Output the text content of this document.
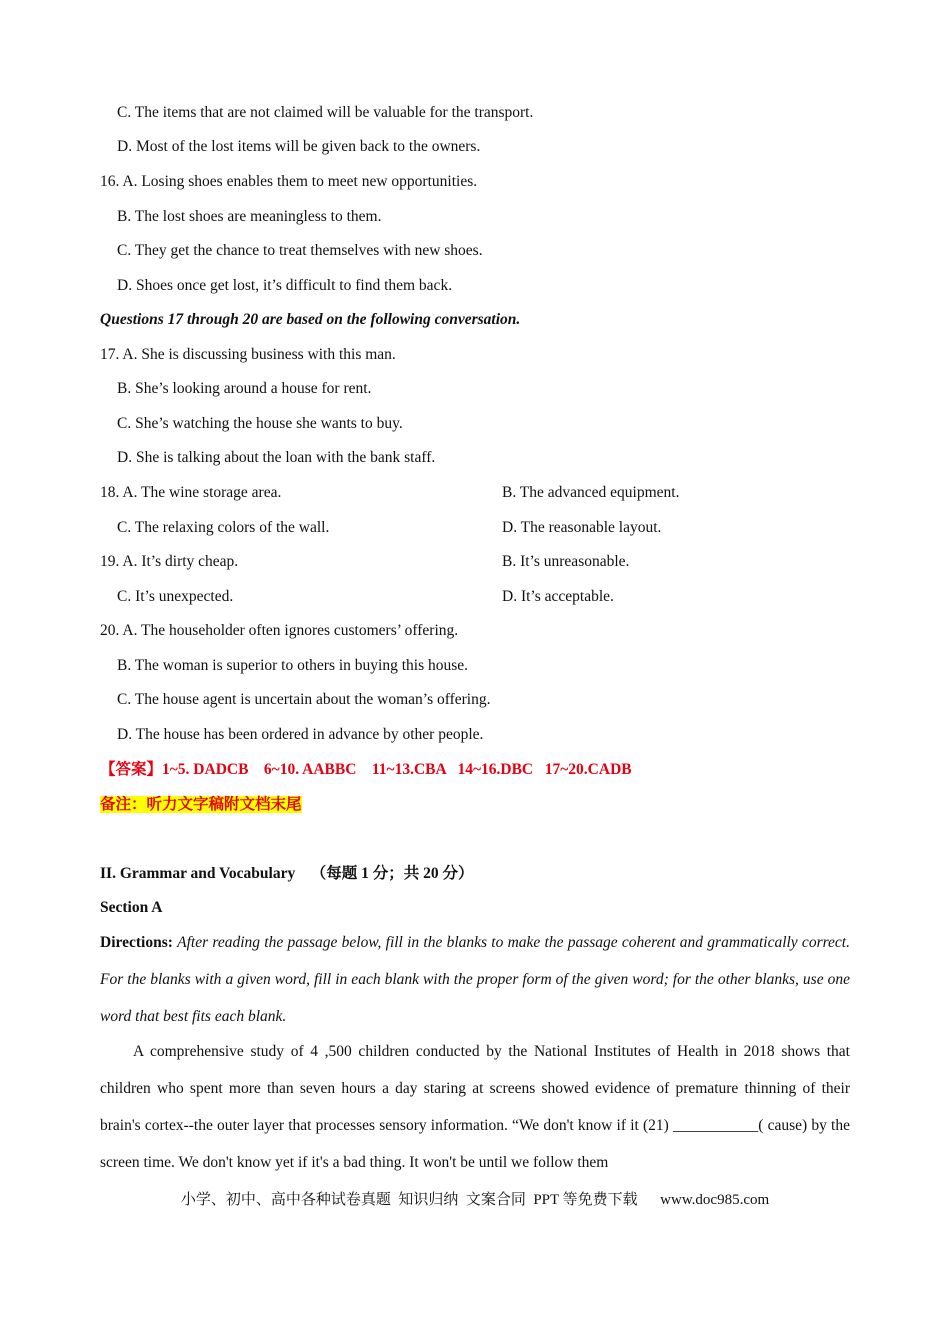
C. The items that are not claimed will be valuable for the transport.
D. Most of the lost items will be given back to the owners.
16. A. Losing shoes enables them to meet new opportunities.
B. The lost shoes are meaningless to them.
C. They get the chance to treat themselves with new shoes.
D. Shoes once get lost, it’s difficult to find them back.
Questions 17 through 20 are based on the following conversation.
17. A. She is discussing business with this man.
B. She’s looking around a house for rent.
C. She’s watching the house she wants to buy.
D. She is talking about the loan with the bank staff.
18. A. The wine storage area.	B. The advanced equipment.
C. The relaxing colors of the wall.	D. The reasonable layout.
19. A. It’s dirty cheap.	B. It’s unreasonable.
C. It’s unexpected.	D. It’s acceptable.
20. A. The householder often ignores customers’ offering.
B. The woman is superior to others in buying this house.
C. The house agent is uncertain about the woman’s offering.
D. The house has been ordered in advance by other people.
【答案】1~5. DADCB    6~10. AABBC    11~13.CBA   14~16.DBC   17~20.CADB
备注：听力文字稿附文档末尾
II. Grammar and Vocabulary （每题 1 分；共 20 分）
Section A
Directions: After reading the passage below, fill in the blanks to make the passage coherent and grammatically correct. For the blanks with a given word, fill in each blank with the proper form of the given word; for the other blanks, use one word that best fits each blank.
A comprehensive study of 4 ,500 children conducted by the National Institutes of Health in 2018 shows that children who spent more than seven hours a day staring at screens showed evidence of premature thinning of their brain's cortex--the outer layer that processes sensory information. “We don't know if it (21) ___________( cause) by the screen time. We don't know yet if it's a bad thing. It won't be until we follow them
小学、初中、高中各种试卷真题  知识归纳  文案合同  PPT 等免费下载      www.doc985.com
